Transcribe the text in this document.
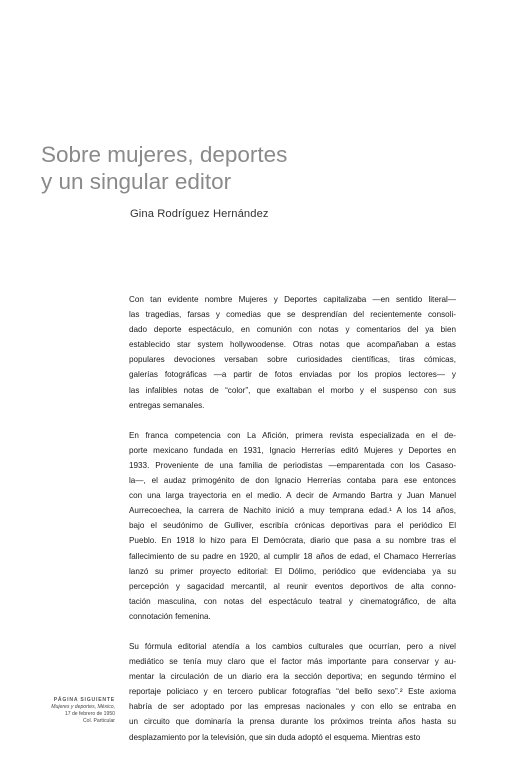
Sobre mujeres, deportes
y un singular editor

Gina Rodríguez Hernández

Con tan evidente nombre Mujeres y Deportes capitalizaba —en sentido literal—
las tragedias, farsas y comedias que se desprendían del recientemente consoli-
dado deporte espectáculo, en comunión con notas y comentarios del ya bien
establecido star system hollywoodense. Otras notas que acompañaban a estas
populares devociones versaban sobre curiosidades científicas, tiras cómicas,
galerías fotográficas —a partir de fotos enviadas por los propios lectores— y
las infalibles notas de “color”, que exaltaban el morbo y el suspenso con sus
entregas semanales.

En franca competencia con La Afición, primera revista especializada en el de-
porte mexicano fundada en 1931, Ignacio Herrerías editó Mujeres y Deportes en
1933. Proveniente de una familia de periodistas —emparentada con los Casaso-
la—, el audaz primogénito de don Ignacio Herrerías contaba para ese entonces
con una larga trayectoria en el medio. A decir de Armando Bartra y Juan Manuel
Aurrecoechea, la carrera de Nachito inició a muy temprana edad.¹ A los 14 años,
bajo el seudónimo de Gulliver, escribía crónicas deportivas para el periódico El
Pueblo. En 1918 lo hizo para El Demócrata, diario que pasa a su nombre tras el
fallecimiento de su padre en 1920, al cumplir 18 años de edad, el Chamaco Herrerías
lanzó su primer proyecto editorial: El Dólimo, periódico que evidenciaba ya su
percepción y sagacidad mercantil, al reunir eventos deportivos de alta conno-
tación masculina, con notas del espectáculo teatral y cinematográfico, de alta
connotación femenina.

Su fórmula editorial atendía a los cambios culturales que ocurrían, pero a nivel
mediático se tenía muy claro que el factor más importante para conservar y au-
mentar la circulación de un diario era la sección deportiva; en segundo término el
reportaje policiaco y en tercero publicar fotografías “del bello sexo”.² Este axioma
habría de ser adoptado por las empresas nacionales y con ello se entraba en
un circuito que dominaría la prensa durante los próximos treinta años hasta su
desplazamiento por la televisión, que sin duda adoptó el esquema. Mientras esto

PÁGINA SIGUIENTE
Mujeres y deportes, México,
17 de febrero de 1950
Col. Particular
